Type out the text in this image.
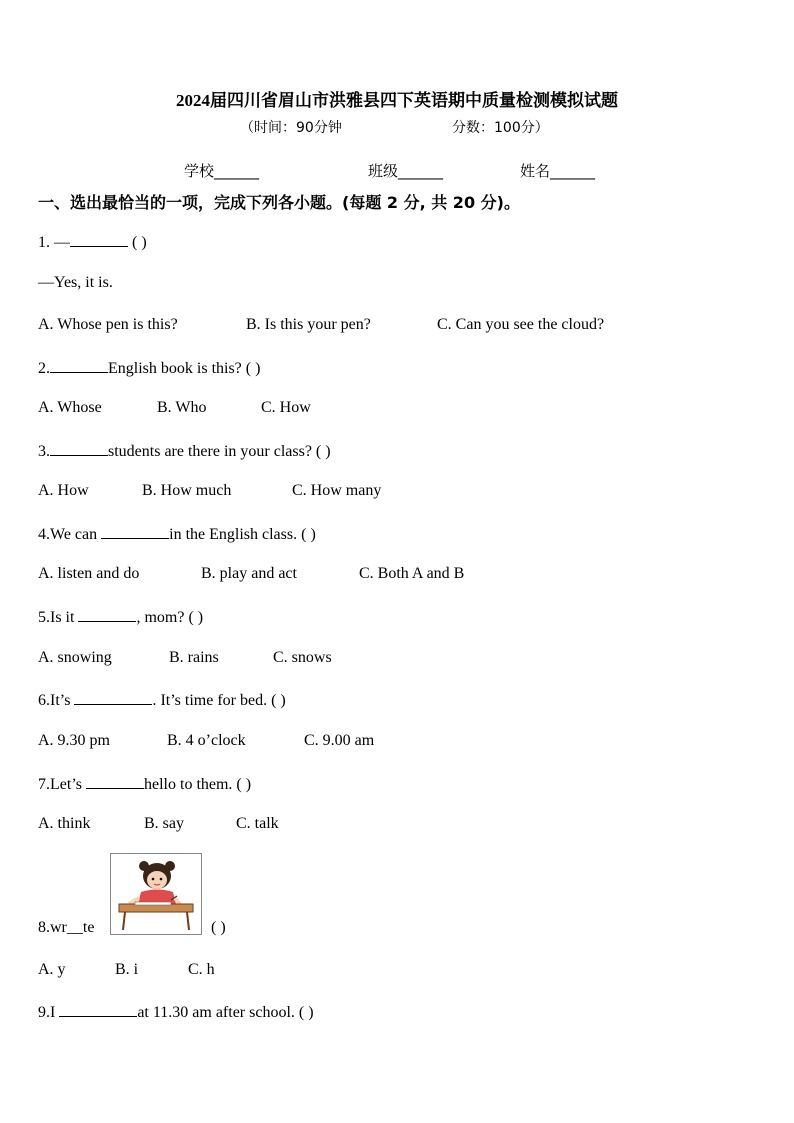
2024届四川省眉山市洪雅县四下英语期中质量检测模拟试题
（时间：90分钟	分数：100分）
学校______	班级______	姓名______
一、选出最恰当的一项，完成下列各小题。(每题 2 分, 共 20 分)。
1. —	( )
—Yes, it is.
A. Whose pen is this?	B. Is this your pen?	C. Can you see the cloud?
2.	English book is this? ( )
A. Whose	B. Who	C. How
3.	students are there in your class? ( )
A. How	B. How much	C. How many
4.We can	in the English class. ( )
A. listen and do	B. play and act	C. Both A and B
5.Is it	, mom? ( )
A. snowing	B. rains	C. snows
6.It’s	. It’s time for bed. ( )
A. 9.30 pm	B. 4 o’clock	C. 9.00 am
7.Let’s	hello to them. ( )
A. think	B. say	C. talk
8.wr__te	( )
A. y	B. i	C. h
9.I	at 11.30 am after school. ( )
